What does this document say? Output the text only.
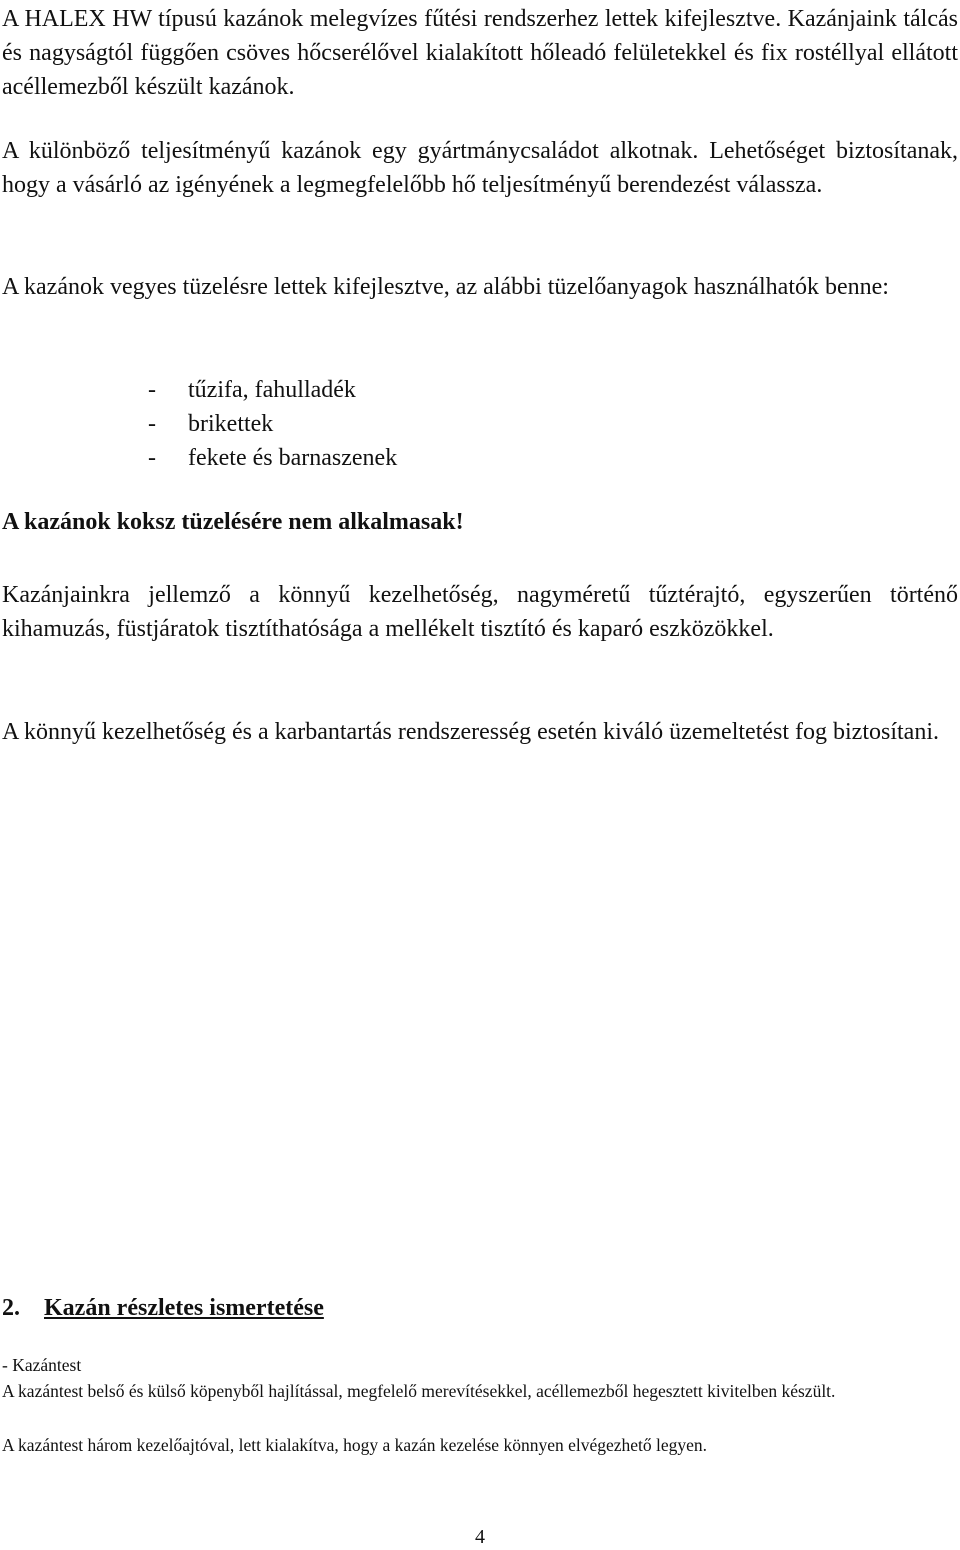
A HALEX HW típusú kazánok melegvízes fűtési rendszerhez lettek kifejlesztve. Kazánjaink tálcás és nagyságtól függően csöves hőcserélővel kialakított hőleadó felületekkel és fix rostéllyal ellátott acéllemezből készült kazánok.

A különböző teljesítményű kazánok egy gyártmánycsaládot alkotnak. Lehetőséget biztosítanak, hogy a vásárló az igényének a legmegfelelőbb hő teljesítményű berendezést válassza.

A kazánok vegyes tüzelésre lettek kifejlesztve, az alábbi tüzelőanyagok használhatók benne:

- tűzifa, fahulladék
- brikettek
- fekete és barnaszenek

A kazánok koksz tüzelésére nem alkalmasak!

Kazánjainkra jellemző a könnyű kezelhetőség, nagyméretű tűztérajtó, egyszerűen történő kihamuzás, füstjáratok tisztíthatósága a mellékelt tisztító és kaparó eszközökkel.

A könnyű kezelhetőség és a karbantartás rendszeresség esetén kiváló üzemeltetést fog biztosítani.

2. Kazán részletes ismertetése

- Kazántest

A kazántest belső és külső köpenyből hajlítással, megfelelő merevítésekkel, acéllemezből hegesztett kivitelben készült.

A kazántest három kezelőajtóval, lett kialakítva, hogy a kazán kezelése könnyen elvégezhető legyen.

4
